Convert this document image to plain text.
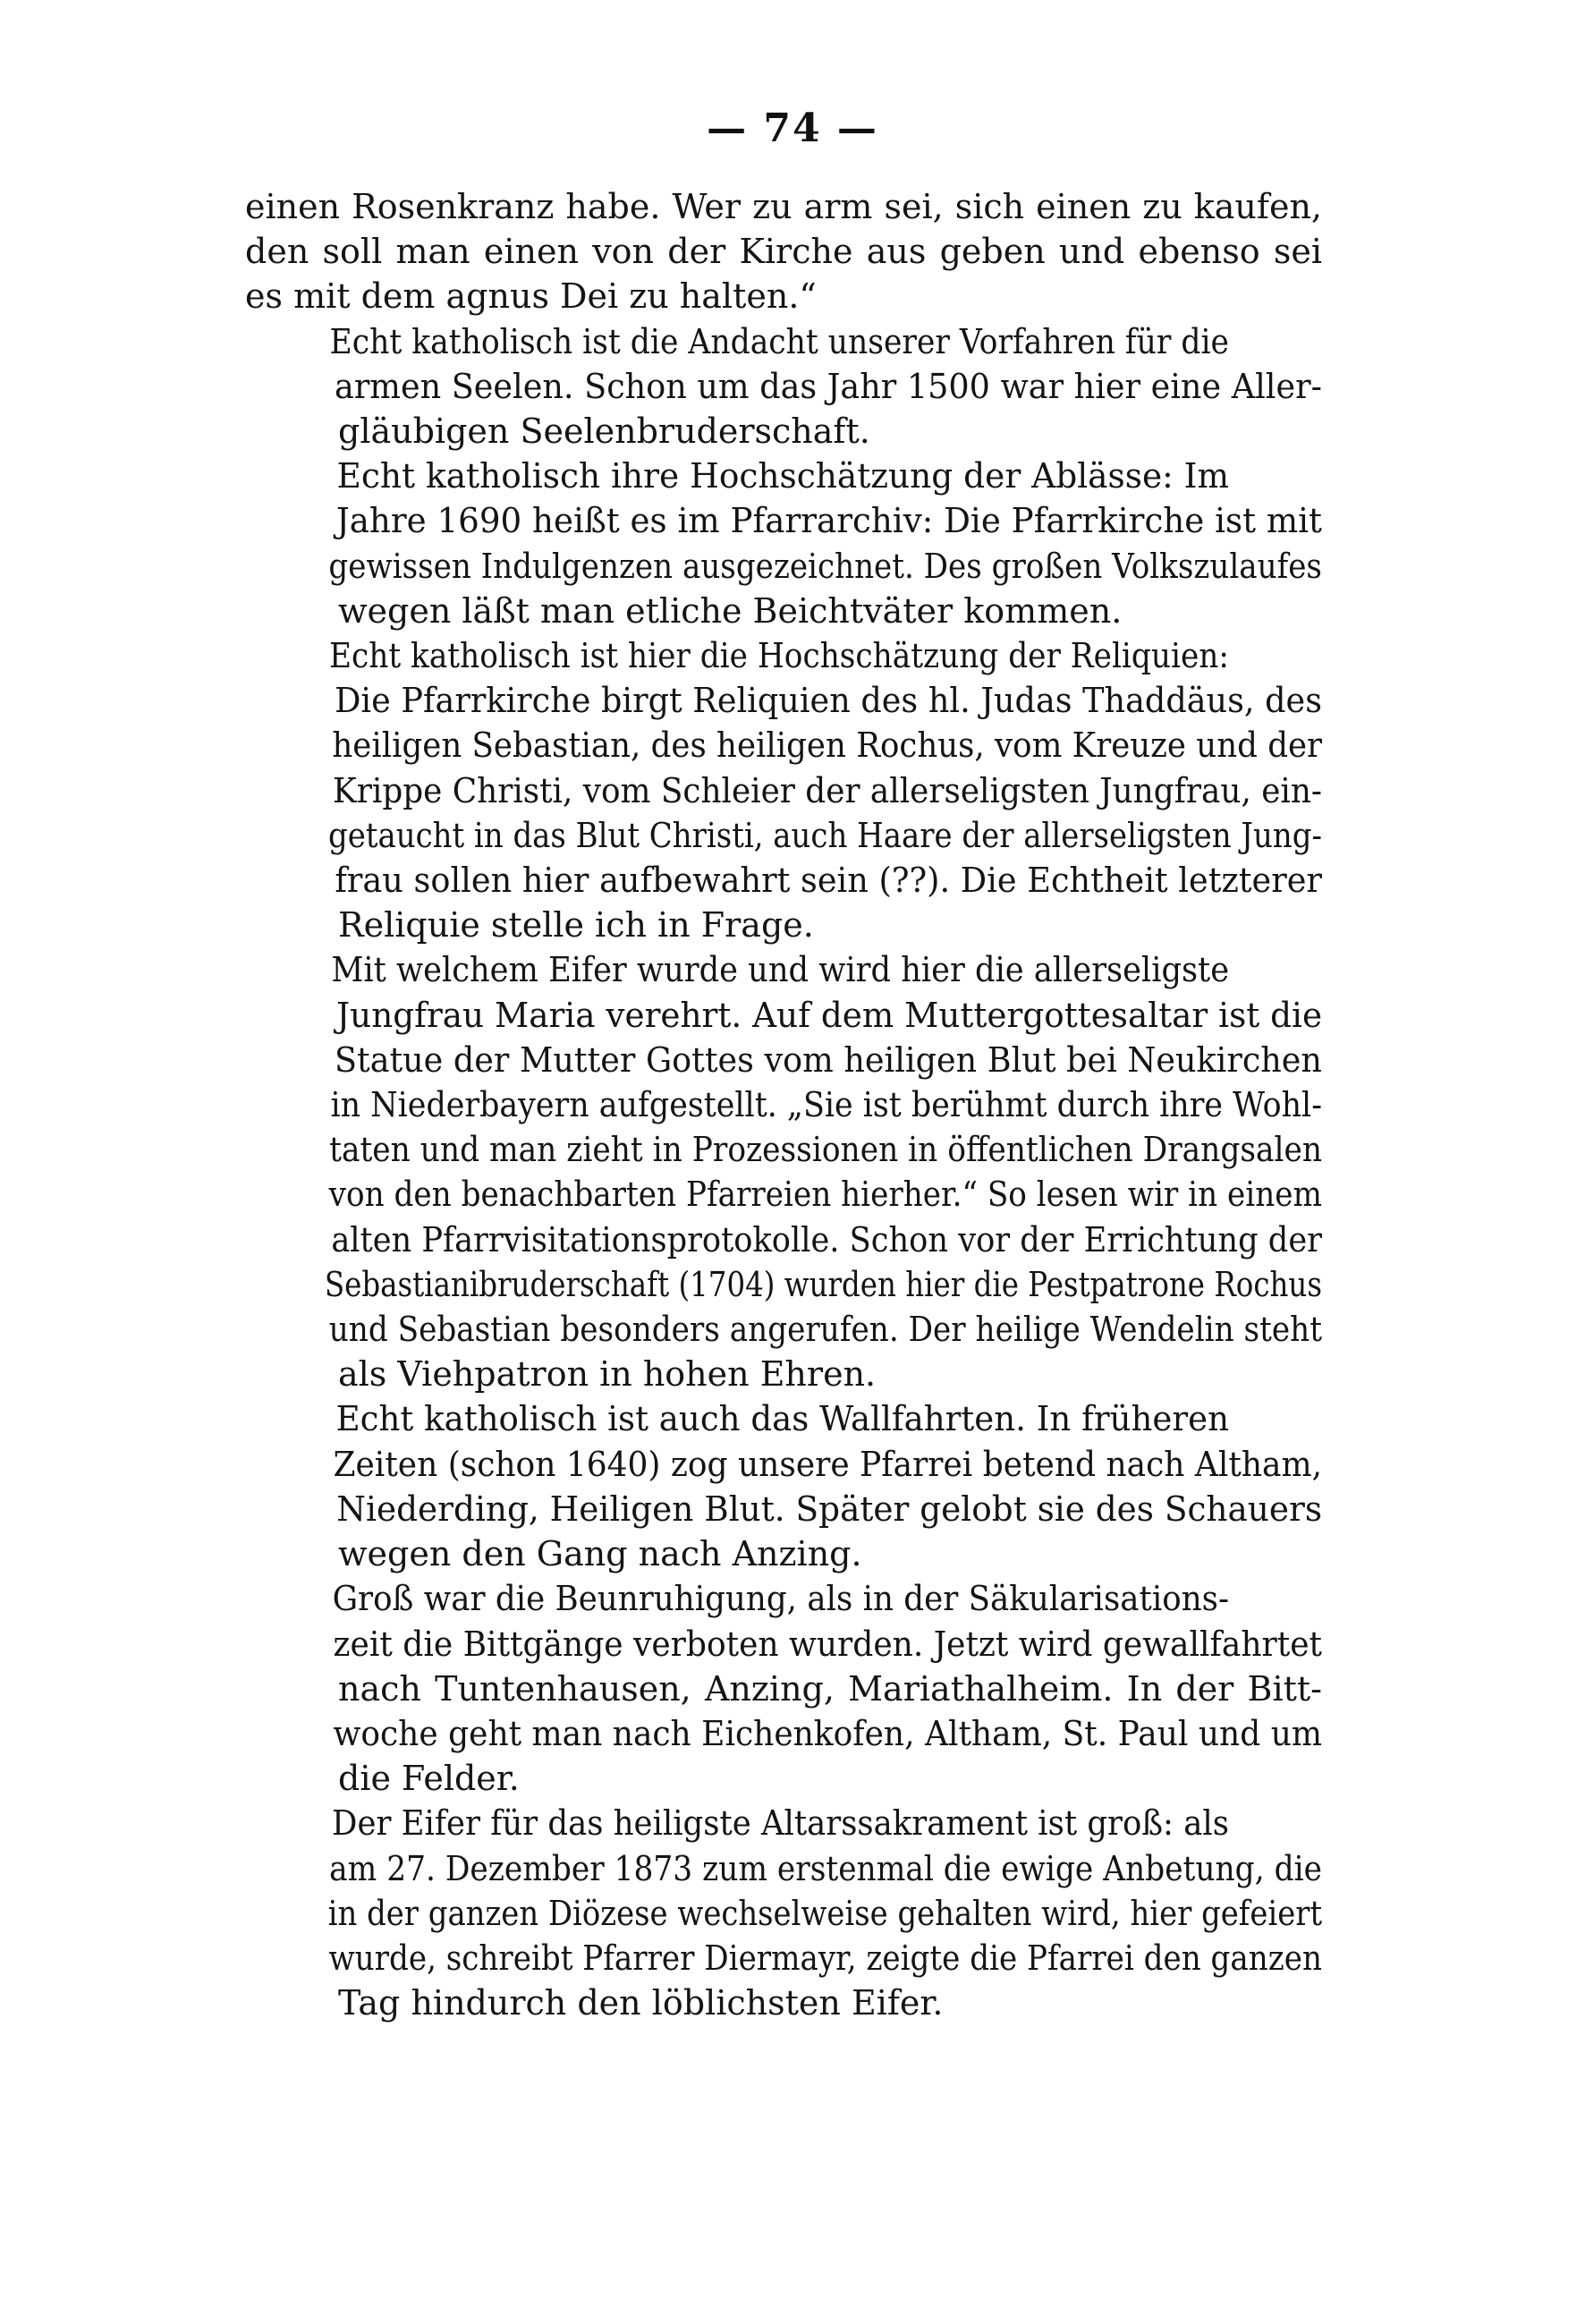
— 74 —

einen Rosenkranz habe. Wer zu arm sei, sich einen zu kaufen,
den soll man einen von der Kirche aus geben und ebenso sei
es mit dem agnus Dei zu halten.“

Echt katholisch ist die Andacht unserer Vorfahren für die
armen Seelen. Schon um das Jahr 1500 war hier eine Aller-
gläubigen Seelenbruderschaft.

Echt katholisch ihre Hochschätzung der Ablässe: Im
Jahre 1690 heißt es im Pfarrarchiv: Die Pfarrkirche ist mit
gewissen Indulgenzen ausgezeichnet. Des großen Volkszulaufes
wegen läßt man etliche Beichtväter kommen.

Echt katholisch ist hier die Hochschätzung der Reliquien:
Die Pfarrkirche birgt Reliquien des hl. Judas Thaddäus, des
heiligen Sebastian, des heiligen Rochus, vom Kreuze und der
Krippe Christi, vom Schleier der allerseligsten Jungfrau, ein-
getaucht in das Blut Christi, auch Haare der allerseligsten Jung-
frau sollen hier aufbewahrt sein (??). Die Echtheit letzterer
Reliquie stelle ich in Frage.

Mit welchem Eifer wurde und wird hier die allerseligste
Jungfrau Maria verehrt. Auf dem Muttergottesaltar ist die
Statue der Mutter Gottes vom heiligen Blut bei Neukirchen
in Niederbayern aufgestellt. „Sie ist berühmt durch ihre Wohl-
taten und man zieht in Prozessionen in öffentlichen Drangsalen
von den benachbarten Pfarreien hierher.“ So lesen wir in einem
alten Pfarrvisitationsprotokolle. Schon vor der Errichtung der
Sebastianibruderschaft (1704) wurden hier die Pestpatrone Rochus
und Sebastian besonders angerufen. Der heilige Wendelin steht
als Viehpatron in hohen Ehren.

Echt katholisch ist auch das Wallfahrten. In früheren
Zeiten (schon 1640) zog unsere Pfarrei betend nach Altham,
Niederding, Heiligen Blut. Später gelobt sie des Schauers
wegen den Gang nach Anzing.

Groß war die Beunruhigung, als in der Säkularisations-
zeit die Bittgänge verboten wurden. Jetzt wird gewallfahrtet
nach Tuntenhausen, Anzing, Mariathalheim. In der Bitt-
woche geht man nach Eichenkofen, Altham, St. Paul und um
die Felder.

Der Eifer für das heiligste Altarssakrament ist groß: als
am 27. Dezember 1873 zum erstenmal die ewige Anbetung, die
in der ganzen Diözese wechselweise gehalten wird, hier gefeiert
wurde, schreibt Pfarrer Diermayr, zeigte die Pfarrei den ganzen
Tag hindurch den löblichsten Eifer.
